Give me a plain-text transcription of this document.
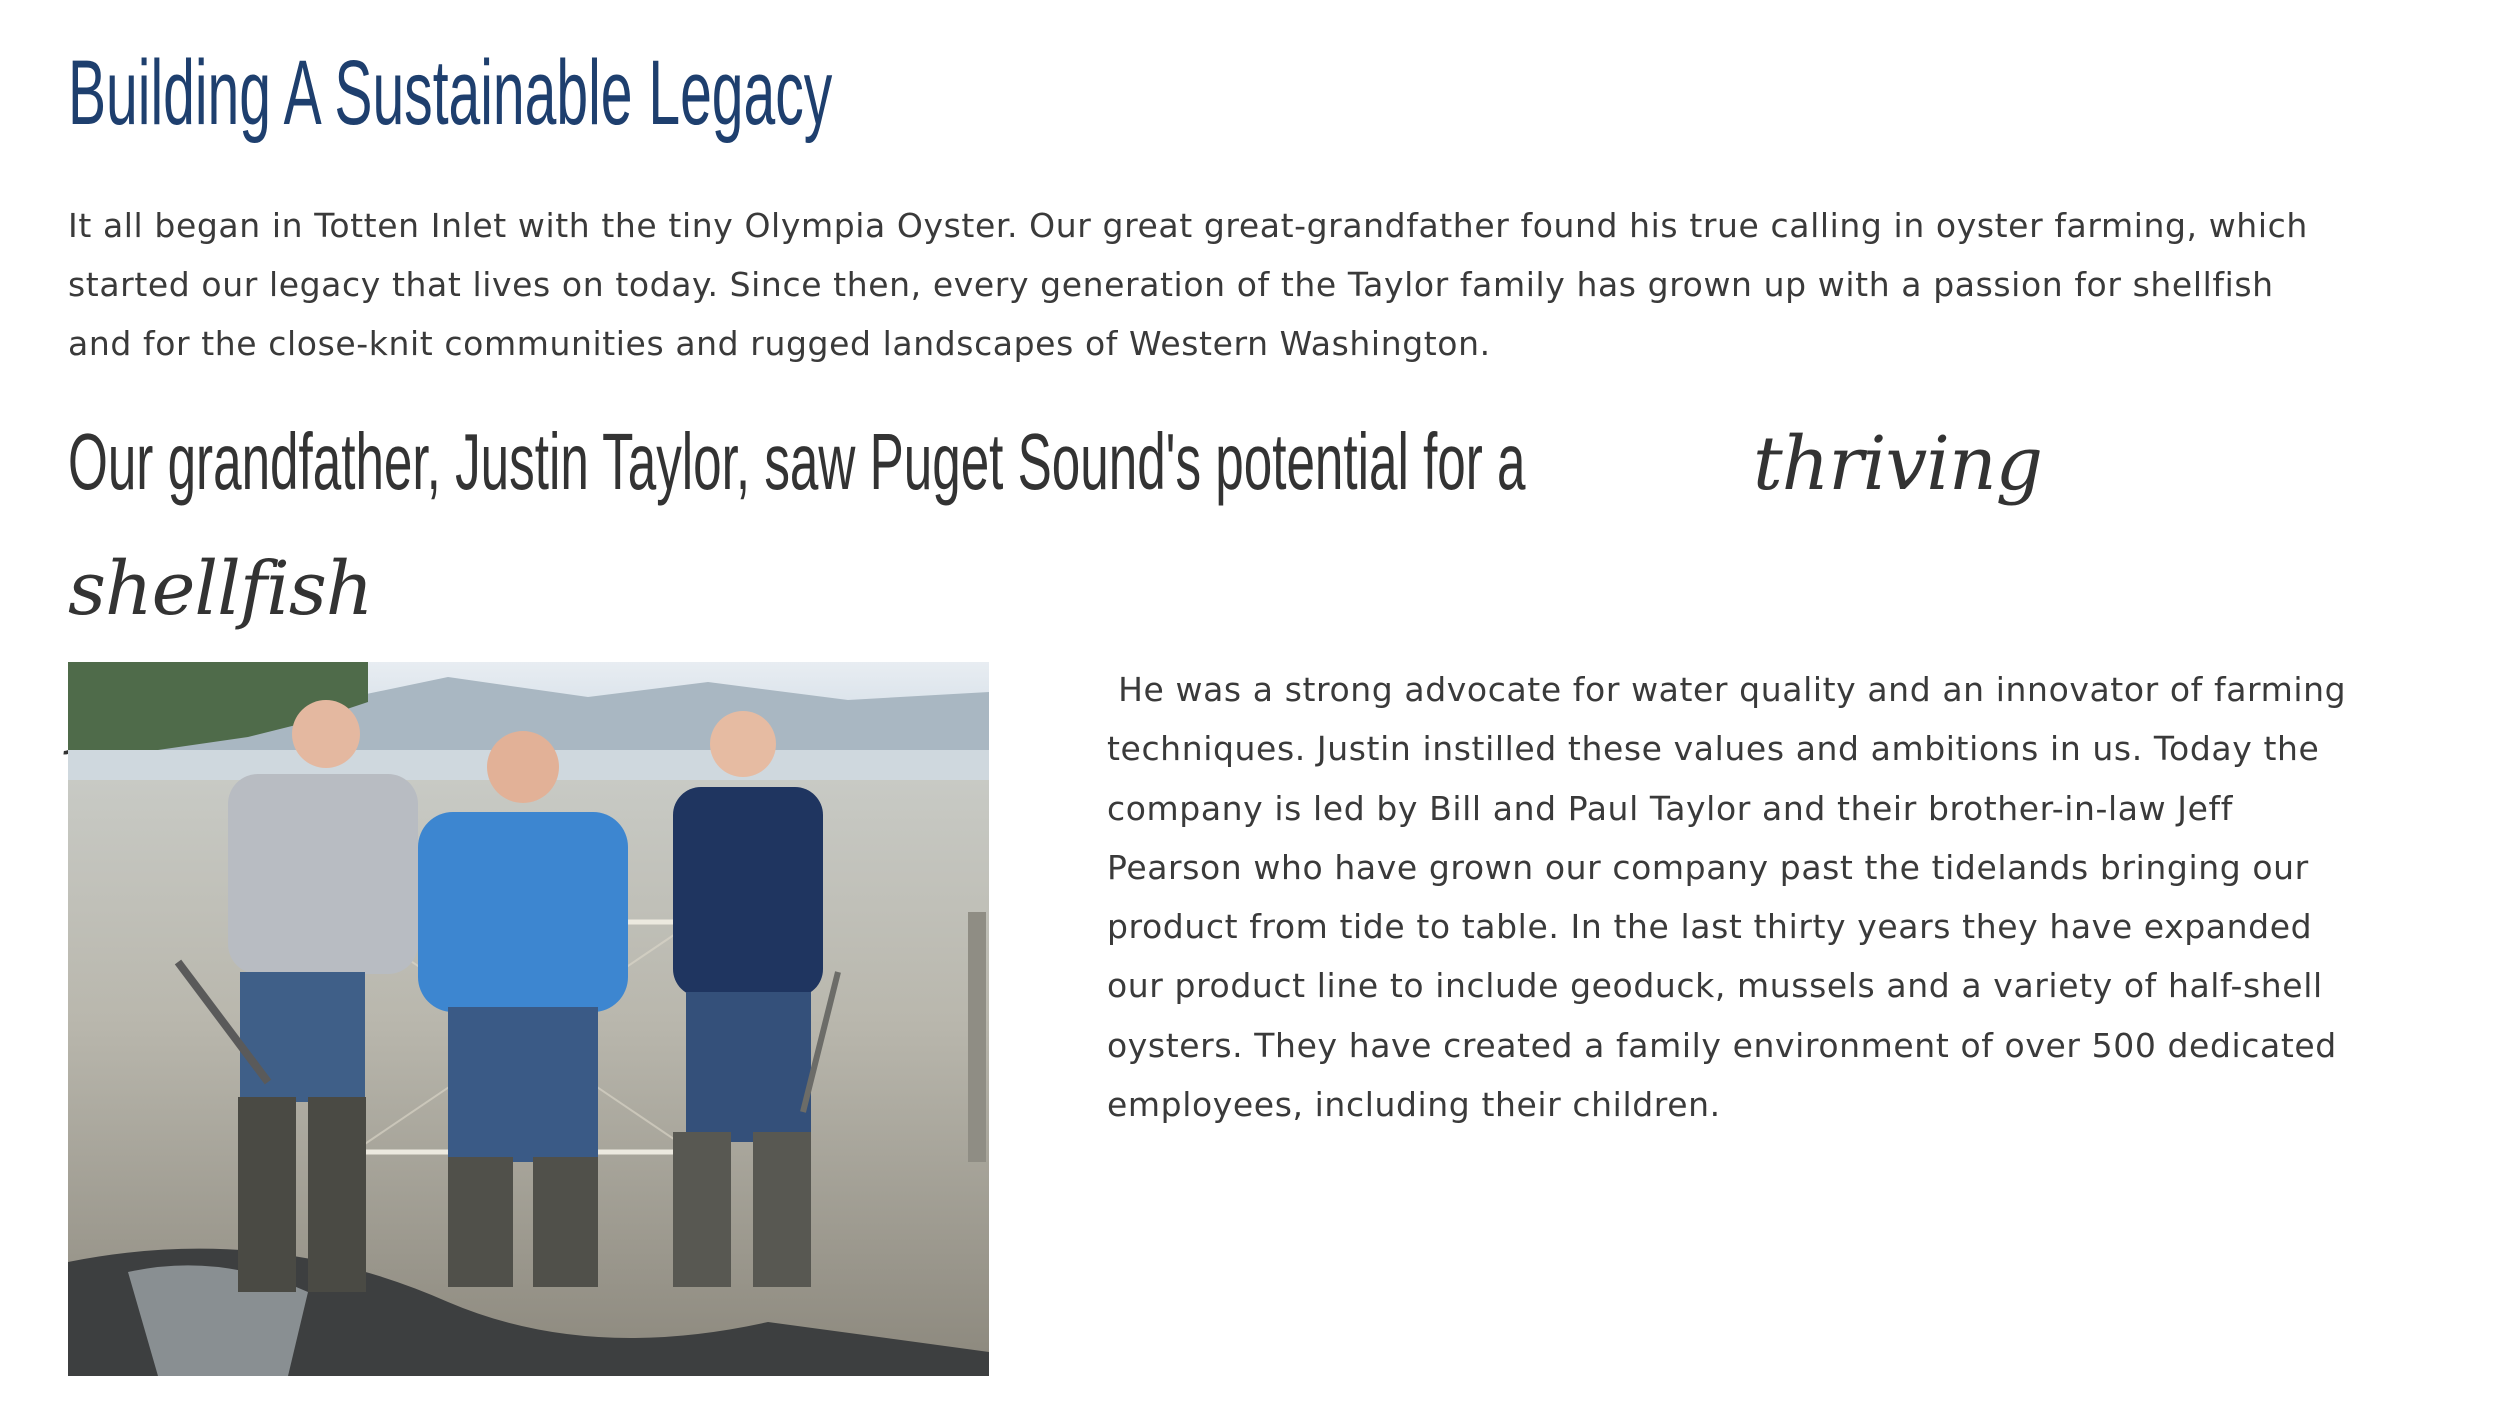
Building A Sustainable Legacy

It all began in Totten Inlet with the tiny Olympia Oyster. Our great great-grandfather found his true calling in oyster farming, which started our legacy that lives on today. Since then, every generation of the Taylor family has grown up with a passion for shellfish and for the close-knit communities and rugged landscapes of Western Washington.

Our grandfather, Justin Taylor, saw Puget Sound's potential for a	thriving shellfish

He was a strong advocate for water quality and an innovator of farming techniques. Justin instilled these values and ambitions in us. Today the company is led by Bill and Paul Taylor and their brother-in-law Jeff Pearson who have grown our company past the tidelands bringing our product from tide to table. In the last thirty years they have expanded our product line to include geoduck, mussels and a variety of half-shell oysters. They have created a family environment of over 500 dedicated employees, including their children.
